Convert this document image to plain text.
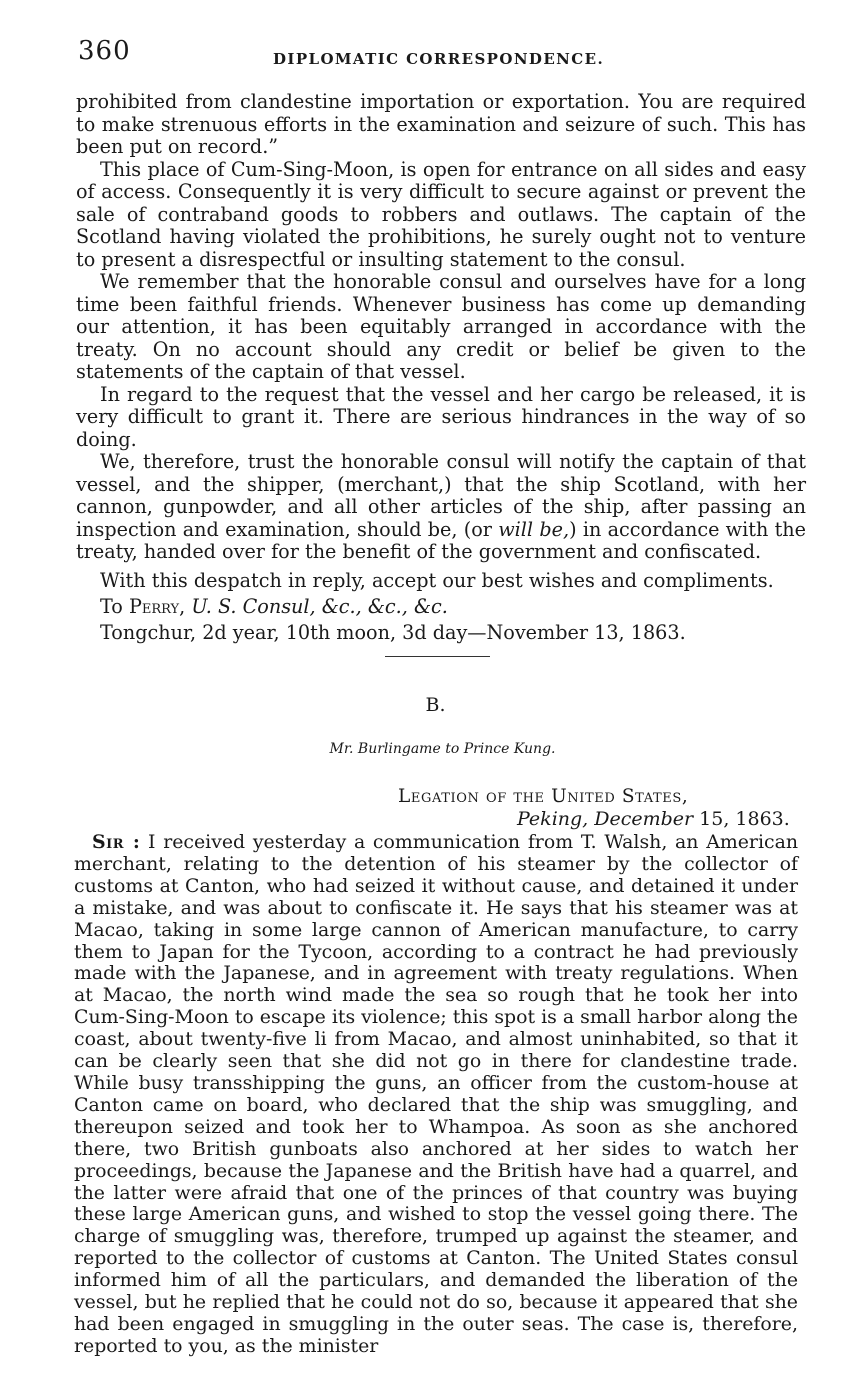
360	DIPLOMATIC CORRESPONDENCE.

prohibited from clandestine importation or exportation. You are required to make strenuous efforts in the examination and seizure of such. This has been put on record.”

This place of Cum-Sing-Moon, is open for entrance on all sides and easy of access. Consequently it is very difficult to secure against or prevent the sale of contraband goods to robbers and outlaws. The captain of the Scotland having violated the prohibitions, he surely ought not to venture to present a disrespectful or insulting statement to the consul.

We remember that the honorable consul and ourselves have for a long time been faithful friends. Whenever business has come up demanding our attention, it has been equitably arranged in accordance with the treaty. On no account should any credit or belief be given to the statements of the captain of that vessel.

In regard to the request that the vessel and her cargo be released, it is very difficult to grant it. There are serious hindrances in the way of so doing.

We, therefore, trust the honorable consul will notify the captain of that vessel, and the shipper, (merchant,) that the ship Scotland, with her cannon, gunpowder, and all other articles of the ship, after passing an inspection and examination, should be, (or will be,) in accordance with the treaty, handed over for the benefit of the government and confiscated.

With this despatch in reply, accept our best wishes and compliments.

To Perry, U. S. Consul, &c., &c., &c.

Tongchur, 2d year, 10th moon, 3d day—November 13, 1863.

B.
Mr. Burlingame to Prince Kung.
Legation of the United States,
Peking, December 15, 1863.

Sir : I received yesterday a communication from T. Walsh, an American merchant, relating to the detention of his steamer by the collector of customs at Canton, who had seized it without cause, and detained it under a mistake, and was about to confiscate it. He says that his steamer was at Macao, taking in some large cannon of American manufacture, to carry them to Japan for the Tycoon, according to a contract he had previously made with the Japanese, and in agreement with treaty regulations. When at Macao, the north wind made the sea so rough that he took her into Cum-Sing-Moon to escape its violence; this spot is a small harbor along the coast, about twenty-five li from Macao, and almost uninhabited, so that it can be clearly seen that she did not go in there for clandestine trade. While busy transshipping the guns, an officer from the custom-house at Canton came on board, who declared that the ship was smuggling, and thereupon seized and took her to Whampoa. As soon as she anchored there, two British gunboats also anchored at her sides to watch her proceedings, because the Japanese and the British have had a quarrel, and the latter were afraid that one of the princes of that country was buying these large American guns, and wished to stop the vessel going there. The charge of smuggling was, therefore, trumped up against the steamer, and reported to the collector of customs at Canton. The United States consul informed him of all the particulars, and demanded the liberation of the vessel, but he replied that he could not do so, because it appeared that she had been engaged in smuggling in the outer seas. The case is, therefore, reported to you, as the minister
